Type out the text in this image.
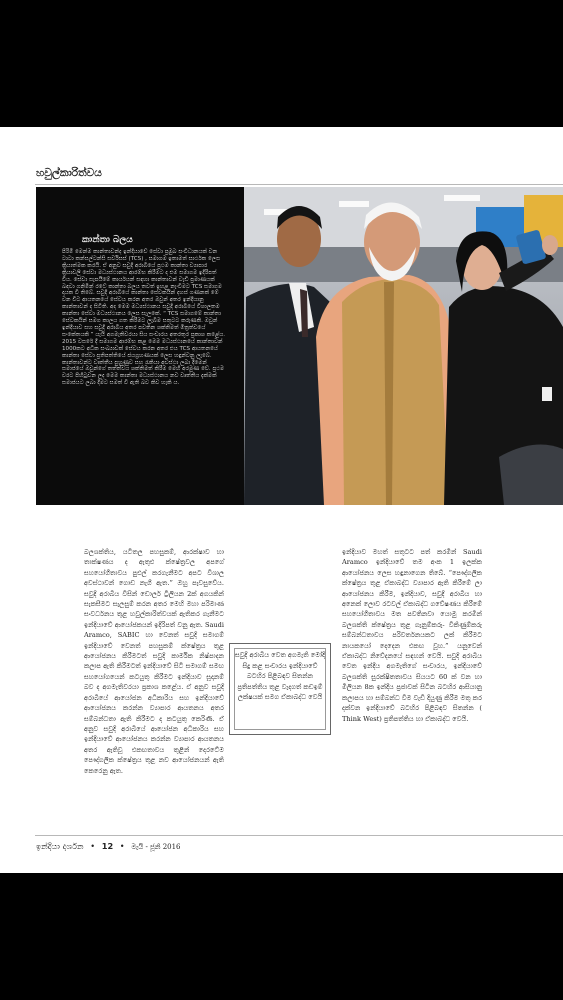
හවුල්කාරිත්වය
කාන්තා බලය

පිරිමි මෙන්ම කාන්තාවන්ද ඉන්දියාවේ සේවා ප්‍රමුඛ සංවිධානයක් වන ටාටා කන්සල්ටන්සි සර්විසස් (TCS) , සමාගම ඉතාමත් සාර්ථක ලෙස ක්‍රියාත්මක කරයි. ඒ අනුව සවුදි අරාබියේ ප්‍රථම කාන්තා ව්‍යාපාර ක්‍රියාවලි සේවා මධ්‍යස්ථානය ආරම්භ කිරීමට ද එම සමාගම ඉදිරිපත් විය. සේවා සැපයීමේ කාර්යයන් සඳහා කාන්තාවන් වැඩි ප්‍රමාණයක් බඳවා ගනිමින් රටේ කාන්තා බලය තවත් ඉහළ නැංවීමට TCS සමාගම දායක වී තිබේ. සවුදි අරාබියේ කාන්තා සේවකයින් දහස් ගණනක් මේ වන විට ආයතනයේ සේවය කරන අතර ඔවුන් අතර ඉන්දියානු කාන්තාවන් ද සිටිති. අද මෙම මධ්‍යස්ථානය සවුදි අරාබියේ විශාලතම කාන්තා සේවා මධ්‍යස්ථානය ලෙස සැලකේ. “ TCS සමාගමේ කාන්තා සේවකයින් සමග කාලය ගත කිරීමට ලැබීම සතුටට කරුණකි. ඔවුන් ඉන්දියාව සහ සවුදි අරාබිය අතර පවතින ශක්තිමත් මිත්‍රත්වයේ සංකේතයකි ” යැයි අගමැතිවරයා සිය සංචාරය අතරතුර ප්‍රකාශ කළේය. 2015 වසරේ දී සමාගම ආරම්භ කළ මෙම මධ්‍යස්ථානයේ කාන්තාවන් 1000කට අධික සංඛ්‍යාවක් සේවය කරන අතර එය TCS ආයතනයේ කාන්තා සේවා ප්‍රතිපත්තියේ ජයග්‍රහණයක් ලෙස හඳුන්වනු ලැබේ. කාන්තාවන්ට වෘත්තීය පුහුණුව සහ රැකියා අවස්ථා ලබා දීමෙන් සමාජයේ ඔවුන්ගේ තත්ත්වය ශක්තිමත් කිරීම මෙහි අරමුණ වේ. ප්‍රථම වරට පිහිටුවන ලද මෙම කාන්තා මධ්‍යස්ථානය නව වෘත්තීය දැක්මක් සමාජයට ලබා දීමට සමත් වී ඇති බව කිව හැකි ය.

බලශක්තිය, යටිතල පහසුකම්, ආරක්ෂාව හා තාක්ෂණය ද ඇතුළු ක්ෂේත්‍රවල අපගේ සහයෝගීතාවය පුළුල් කරගැනීමට අපට විශාල අවස්ථාවන් ගොඩ නැගී ඇත.” ඔහු පැවසුවේය. සවුදි අරාබිය විසින් ඩොලර් ට්‍රිලියන 2ක් අගයකින් සැකසීමට සැලසුම් කරන අතර මෙහි මහා පරිමාණ සංවර්ධනය තුළ හවුල්කාරිත්වයක් ඇතිකර ගැනීමට ඉන්දියාවේ ආයෝජකයන් ඉදිරිපත් වනු ඇත. Saudi Aramco, SABIC හා වෙනත් සවුදි සමාගම් ඉන්දියාවේ වෙනත් පහසුකම් ක්ෂේත්‍රය තුළ ආයෝජනය කිරීමටත් සවුදි කාර්මික නිෂ්පාදන කලාප ඇති කිරීමටත් ඉන්දියාවේ සිටි සමාගම් සමඟ සහයෝගයෙන් කටයුතු කිරීමට ඉන්දියාව සූදානම් බව ද අගමැතිවරයා ප්‍රකාශ කළේය. ඒ අනුව සවුදි අරාබියේ ආයෝජන අධිකාරිය සහ ඉන්දියාවේ ආයෝජනය කරන්න ව්‍යාපාර ආයතනය අතර සම්බන්ධතා ඇති කිරීමට ද කටයුතු කෙරිණි. ඒ අනුව සවුදි අරාබියේ ආයෝජන අධිකාරිය සහ ඉන්දියාවේ ආයෝජනය කරන්න ව්‍යාපාර ආයතනය අතර ඇතිවූ එකඟතාවය තුළින් දෙරටේම පෞද්ගලික ක්ෂේත්‍රය තුළ නව ආයෝජනයන් ඇති කෙරෙනු ඇත.

සවුදි අරාබිය වෙත අගමැති මෝදි සිදු කළ සංචාරය ඉන්දියාවේ බටහිර පිළිබඳව සිතන්න ප්‍රතිපත්තිය තුළ වැදගත් කඩඉම් ලක්ෂයක් සමග ඒකාබද්ධ වෙයි

ඉන්දියාව මහත් සතුටට පත් කරමින් Saudi Aramco ඉන්දියාවේ තම අංක 1 ඉලක්ක ආයෝජනය ලෙස හඳුනාගෙන තිබේ. “පෞද්ගලික ක්ෂේත්‍රය තුළ ඒකාබද්ධ ව්‍යාපාර ඇති කිරීමේ ලා ආයෝජනය කිරීම, ඉන්දියාව, සවුදි අරාබිය හා අනෙක් ලොව රටවල් ඒකාබද්ධ ගවේෂණය කිරීමේ සහයෝගීතාවය මත පවතිනවා යොමු කරමින් බලශක්ති ක්ෂේත්‍රය තුළ ගැනුම්කරු- විකිණුම්කරු සම්බන්ධතාවය පරිවර්තනයකට ලක් කිරීමට නායකයෝ දෙදෙන එකඟ වූහ.” යනුවෙන් ඒකාබද්ධ නිවේදනයේ සඳහන් වෙයි. සවුදි අරාබිය වෙත ඉන්දීය අගමැතිගේ සංචාරය, ඉන්දියාවේ බලශක්ති සුරක්ෂිතතාවය සියයට 60 ක් වන හා මිලියන 8ක ඉන්දීය ප්‍රජාවක් සිටින බටහිර ආසියානු කලාපය හා සම්බන්ධ විම වැඩි දියුණු කිරීම මතු කර දක්වන ඉන්දියාවේ බටහිර පිළිබඳව සිතන්න ( Think West) ප්‍රතිපත්තිය හා ඒකාබද්ධ වෙයි.

ඉන්දියා දර්ශන • 12 • මැයි - ජූනි 2016
